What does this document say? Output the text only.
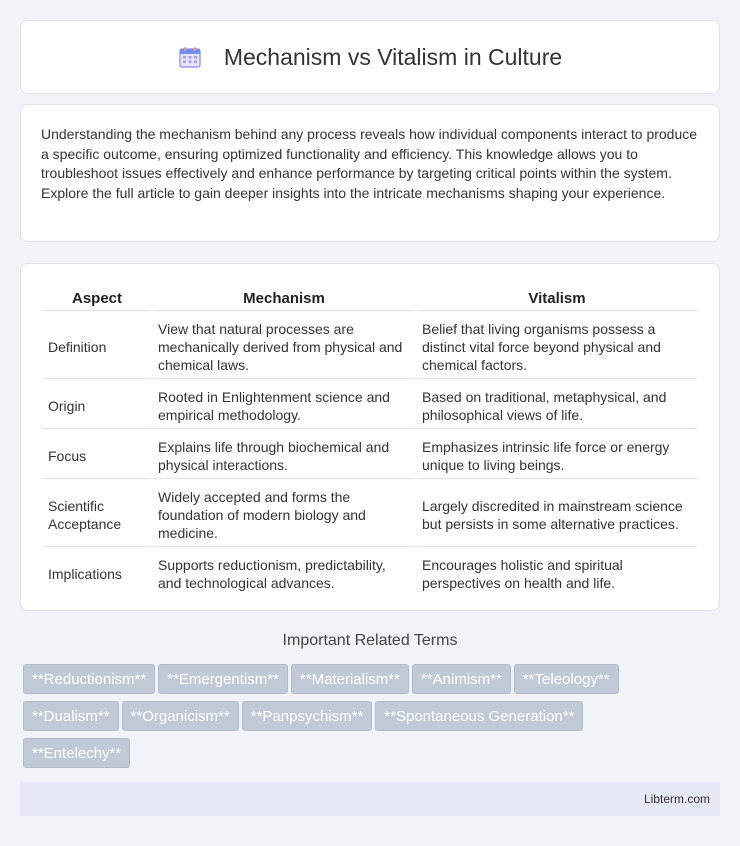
Mechanism vs Vitalism in Culture

Understanding the mechanism behind any process reveals how individual components interact to produce a specific outcome, ensuring optimized functionality and efficiency. This knowledge allows you to troubleshoot issues effectively and enhance performance by targeting critical points within the system. Explore the full article to gain deeper insights into the intricate mechanisms shaping your experience.

Aspect	Mechanism	Vitalism
Definition	View that natural processes are mechanically derived from physical and chemical laws.	Belief that living organisms possess a distinct vital force beyond physical and chemical factors.
Origin	Rooted in Enlightenment science and empirical methodology.	Based on traditional, metaphysical, and philosophical views of life.
Focus	Explains life through biochemical and physical interactions.	Emphasizes intrinsic life force or energy unique to living beings.
Scientific Acceptance	Widely accepted and forms the foundation of modern biology and medicine.	Largely discredited in mainstream science but persists in some alternative practices.
Implications	Supports reductionism, predictability, and technological advances.	Encourages holistic and spiritual perspectives on health and life.
Important Related Terms
**Reductionism** **Emergentism** **Materialism** **Animism** **Teleology**
**Dualism** **Organicism** **Panpsychism** **Spontaneous Generation**
**Entelechy**
Libterm.com
